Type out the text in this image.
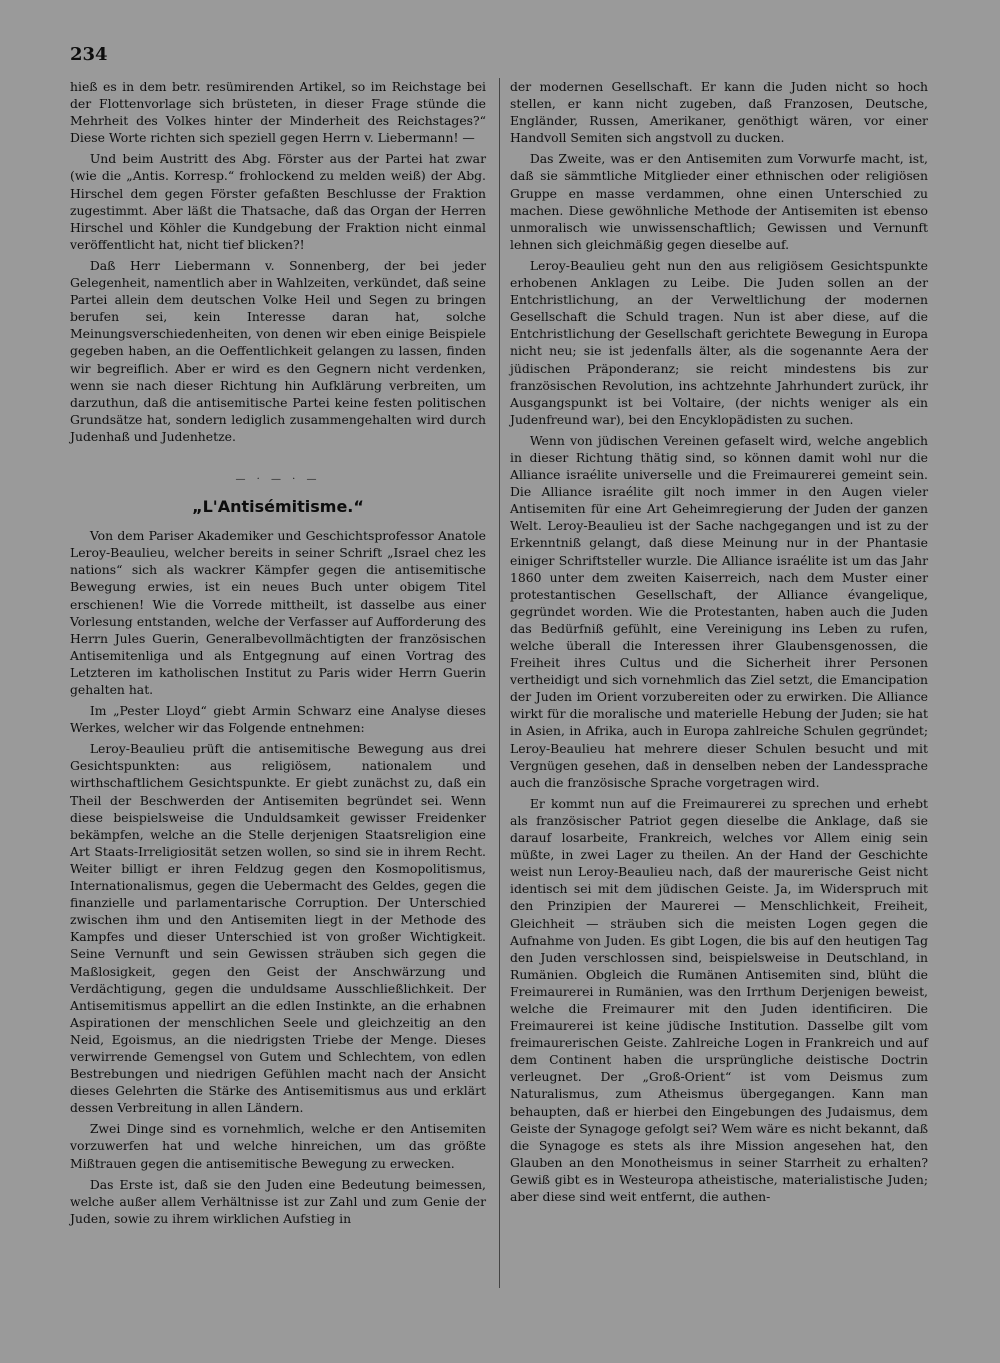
234

hieß es in dem betr. resümirenden Artikel, so im Reichstage bei der Flottenvorlage sich brüsteten, in dieser Frage stünde die Mehrheit des Volkes hinter der Minderheit des Reichstages?“ Diese Worte richten sich speziell gegen Herrn v. Liebermann! —

Und beim Austritt des Abg. Förster aus der Partei hat zwar (wie die „Antis. Korresp.“ frohlockend zu melden weiß) der Abg. Hirschel dem gegen Förster gefaßten Beschlusse der Fraktion zugestimmt. Aber läßt die Thatsache, daß das Organ der Herren Hirschel und Köhler die Kundgebung der Fraktion nicht einmal veröffentlicht hat, nicht tief blicken?!

Daß Herr Liebermann v. Sonnenberg, der bei jeder Gelegenheit, namentlich aber in Wahlzeiten, verkündet, daß seine Partei allein dem deutschen Volke Heil und Segen zu bringen berufen sei, kein Interesse daran hat, solche Meinungsverschiedenheiten, von denen wir eben einige Beispiele gegeben haben, an die Oeffentlichkeit gelangen zu lassen, finden wir begreiflich. Aber er wird es den Gegnern nicht verdenken, wenn sie nach dieser Richtung hin Aufklärung verbreiten, um darzuthun, daß die antisemitische Partei keine festen politischen Grundsätze hat, sondern lediglich zusammengehalten wird durch Judenhaß und Judenhetze.

— · — · —
„L'Antisémitisme.“

Von dem Pariser Akademiker und Geschichtsprofessor Anatole Leroy-Beaulieu, welcher bereits in seiner Schrift „Israel chez les nations“ sich als wackrer Kämpfer gegen die antisemitische Bewegung erwies, ist ein neues Buch unter obigem Titel erschienen! Wie die Vorrede mittheilt, ist dasselbe aus einer Vorlesung entstanden, welche der Verfasser auf Aufforderung des Herrn Jules Guerin, Generalbevollmächtigten der französischen Antisemitenliga und als Entgegnung auf einen Vortrag des Letzteren im katholischen Institut zu Paris wider Herrn Guerin gehalten hat.

Im „Pester Lloyd“ giebt Armin Schwarz eine Analyse dieses Werkes, welcher wir das Folgende entnehmen:

Leroy-Beaulieu prüft die antisemitische Bewegung aus drei Gesichtspunkten: aus religiösem, nationalem und wirthschaftlichem Gesichtspunkte. Er giebt zunächst zu, daß ein Theil der Beschwerden der Antisemiten begründet sei. Wenn diese beispielsweise die Unduldsamkeit gewisser Freidenker bekämpfen, welche an die Stelle derjenigen Staatsreligion eine Art Staats-Irreligiosität setzen wollen, so sind sie in ihrem Recht. Weiter billigt er ihren Feldzug gegen den Kosmopolitismus, Internationalismus, gegen die Uebermacht des Geldes, gegen die finanzielle und parlamentarische Corruption. Der Unterschied zwischen ihm und den Antisemiten liegt in der Methode des Kampfes und dieser Unterschied ist von großer Wichtigkeit. Seine Vernunft und sein Gewissen sträuben sich gegen die Maßlosigkeit, gegen den Geist der Anschwärzung und Verdächtigung, gegen die unduldsame Ausschließlichkeit. Der Antisemitismus appellirt an die edlen Instinkte, an die erhabnen Aspirationen der menschlichen Seele und gleichzeitig an den Neid, Egoismus, an die niedrigsten Triebe der Menge. Dieses verwirrende Gemengsel von Gutem und Schlechtem, von edlen Bestrebungen und niedrigen Gefühlen macht nach der Ansicht dieses Gelehrten die Stärke des Antisemitismus aus und erklärt dessen Verbreitung in allen Ländern.

Zwei Dinge sind es vornehmlich, welche er den Antisemiten vorzuwerfen hat und welche hinreichen, um das größte Mißtrauen gegen die antisemitische Bewegung zu erwecken.

Das Erste ist, daß sie den Juden eine Bedeutung beimessen, welche außer allem Verhältnisse ist zur Zahl und zum Genie der Juden, sowie zu ihrem wirklichen Aufstieg in

der modernen Gesellschaft. Er kann die Juden nicht so hoch stellen, er kann nicht zugeben, daß Franzosen, Deutsche, Engländer, Russen, Amerikaner, genöthigt wären, vor einer Handvoll Semiten sich angstvoll zu ducken.

Das Zweite, was er den Antisemiten zum Vorwurfe macht, ist, daß sie sämmtliche Mitglieder einer ethnischen oder religiösen Gruppe en masse verdammen, ohne einen Unterschied zu machen. Diese gewöhnliche Methode der Antisemiten ist ebenso unmoralisch wie unwissenschaftlich; Gewissen und Vernunft lehnen sich gleichmäßig gegen dieselbe auf.

Leroy-Beaulieu geht nun den aus religiösem Gesichtspunkte erhobenen Anklagen zu Leibe. Die Juden sollen an der Entchristlichung, an der Verweltlichung der modernen Gesellschaft die Schuld tragen. Nun ist aber diese, auf die Entchristlichung der Gesellschaft gerichtete Bewegung in Europa nicht neu; sie ist jedenfalls älter, als die sogenannte Aera der jüdischen Präponderanz; sie reicht mindestens bis zur französischen Revolution, ins achtzehnte Jahrhundert zurück, ihr Ausgangspunkt ist bei Voltaire, (der nichts weniger als ein Judenfreund war), bei den Encyklopädisten zu suchen.

Wenn von jüdischen Vereinen gefaselt wird, welche angeblich in dieser Richtung thätig sind, so können damit wohl nur die Alliance israélite universelle und die Freimaurerei gemeint sein. Die Alliance israélite gilt noch immer in den Augen vieler Antisemiten für eine Art Geheimregierung der Juden der ganzen Welt. Leroy-Beaulieu ist der Sache nachgegangen und ist zu der Erkenntniß gelangt, daß diese Meinung nur in der Phantasie einiger Schriftsteller wurzle. Die Alliance israélite ist um das Jahr 1860 unter dem zweiten Kaiserreich, nach dem Muster einer protestantischen Gesellschaft, der Alliance évangelique, gegründet worden. Wie die Protestanten, haben auch die Juden das Bedürfniß gefühlt, eine Vereinigung ins Leben zu rufen, welche überall die Interessen ihrer Glaubensgenossen, die Freiheit ihres Cultus und die Sicherheit ihrer Personen vertheidigt und sich vornehmlich das Ziel setzt, die Emancipation der Juden im Orient vorzubereiten oder zu erwirken. Die Alliance wirkt für die moralische und materielle Hebung der Juden; sie hat in Asien, in Afrika, auch in Europa zahlreiche Schulen gegründet; Leroy-Beaulieu hat mehrere dieser Schulen besucht und mit Vergnügen gesehen, daß in denselben neben der Landessprache auch die französische Sprache vorgetragen wird.

Er kommt nun auf die Freimaurerei zu sprechen und erhebt als französischer Patriot gegen dieselbe die Anklage, daß sie darauf losarbeite, Frankreich, welches vor Allem einig sein müßte, in zwei Lager zu theilen. An der Hand der Geschichte weist nun Leroy-Beaulieu nach, daß der maurerische Geist nicht identisch sei mit dem jüdischen Geiste. Ja, im Widerspruch mit den Prinzipien der Maurerei — Menschlichkeit, Freiheit, Gleichheit — sträuben sich die meisten Logen gegen die Aufnahme von Juden. Es gibt Logen, die bis auf den heutigen Tag den Juden verschlossen sind, beispielsweise in Deutschland, in Rumänien. Obgleich die Rumänen Antisemiten sind, blüht die Freimaurerei in Rumänien, was den Irrthum Derjenigen beweist, welche die Freimaurer mit den Juden identificiren. Die Freimaurerei ist keine jüdische Institution. Dasselbe gilt vom freimaurerischen Geiste. Zahlreiche Logen in Frankreich und auf dem Continent haben die ursprüngliche deistische Doctrin verleugnet. Der „Groß-Orient“ ist vom Deismus zum Naturalismus, zum Atheismus übergegangen. Kann man behaupten, daß er hierbei den Eingebungen des Judaismus, dem Geiste der Synagoge gefolgt sei? Wem wäre es nicht bekannt, daß die Synagoge es stets als ihre Mission angesehen hat, den Glauben an den Monotheismus in seiner Starrheit zu erhalten? Gewiß gibt es in Westeuropa atheistische, materialistische Juden; aber diese sind weit entfernt, die authen-
